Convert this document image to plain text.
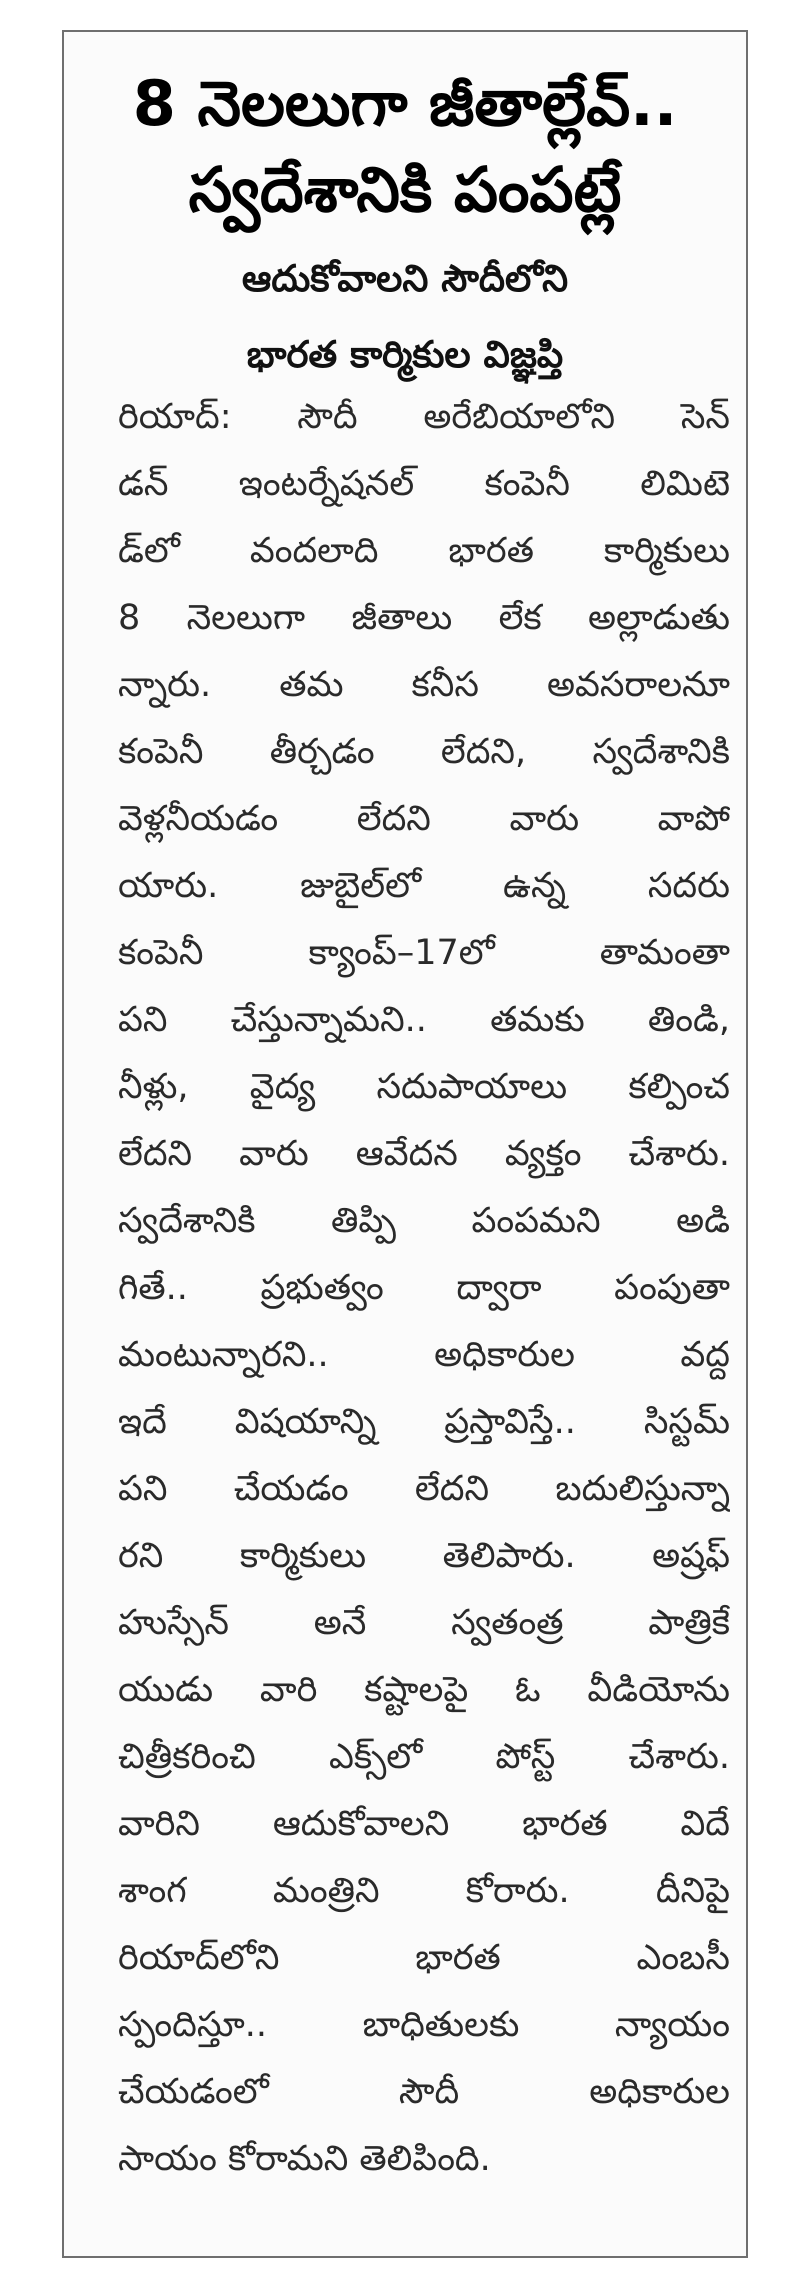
8 నెలలుగా జీతాల్లేవ్..
స్వదేశానికి పంపట్లే
ఆదుకోవాలని సౌదీలోని
భారత కార్మికుల విజ్ఞప్తి
రియాద్: సౌదీ అరేబియాలోని సెన్
డన్ ఇంటర్నేషనల్ కంపెనీ లిమిటె
డ్‌లో వందలాది భారత కార్మికులు
8 నెలలుగా జీతాలు లేక అల్లాడుతు
న్నారు. తమ కనీస అవసరాలనూ
కంపెనీ తీర్చడం లేదని, స్వదేశానికి
వెళ్లనీయడం లేదని వారు వాపో
యారు. జుబైల్‌లో ఉన్న సదరు
కంపెనీ క్యాంప్–17లో తామంతా
పని చేస్తున్నామని.. తమకు తిండి,
నీళ్లు, వైద్య సదుపాయాలు కల్పించ
లేదని వారు ఆవేదన వ్యక్తం చేశారు.
స్వదేశానికి తిప్పి పంపమని అడి
గితే.. ప్రభుత్వం ద్వారా పంపుతా
మంటున్నారని.. అధికారుల వద్ద
ఇదే విషయాన్ని ప్రస్తావిస్తే.. సిస్టమ్
పని చేయడం లేదని బదులిస్తున్నా
రని కార్మికులు తెలిపారు. అష్రఫ్
హుస్సేన్ అనే స్వతంత్ర పాత్రికే
యుడు వారి కష్టాలపై ఓ వీడియోను
చిత్రీకరించి ఎక్స్‌లో పోస్ట్ చేశారు.
వారిని ఆదుకోవాలని భారత విదే
శాంగ మంత్రిని కోరారు. దీనిపై
రియాద్‌లోని భారత ఎంబసీ
స్పందిస్తూ.. బాధితులకు న్యాయం
చేయడంలో సౌదీ అధికారుల
సాయం కోరామని తెలిపింది.
